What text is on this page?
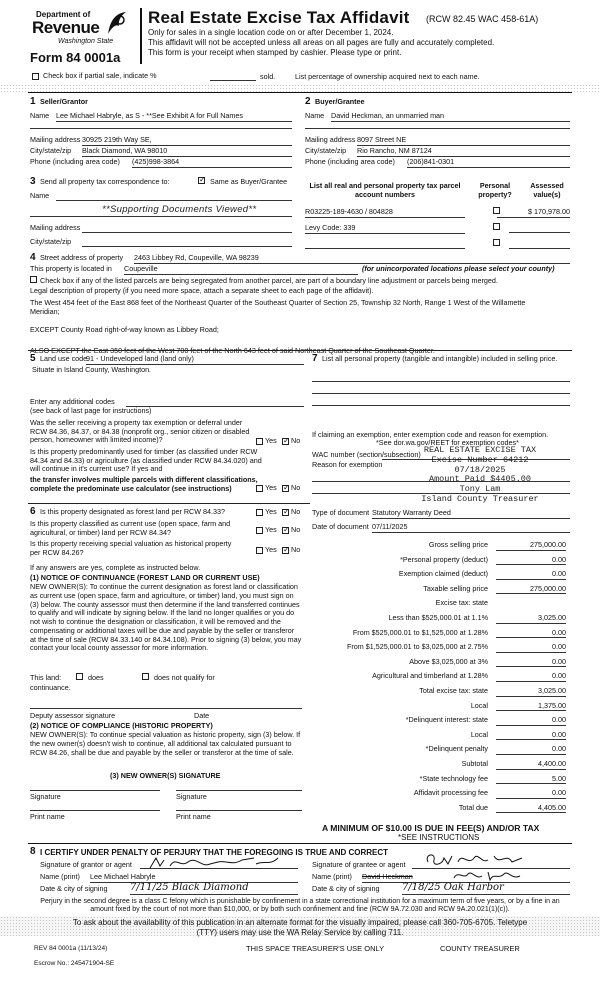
Department of
Revenue
Washington State
Form 84 0001a
Real Estate Excise Tax Affidavit (RCW 82.45 WAC 458-61A)
Only for sales in a single location code on or after December 1, 2024.
This affidavit will not be accepted unless all areas on all pages are fully and accurately completed.
This form is your receipt when stamped by cashier. Please type or print.
Check box if partial sale, indicate %	sold.	List percentage of ownership acquired next to each name.
1 Seller/Grantor
Name Lee Michael Habryle, as S - **See Exhibit A for Full Names
Mailing address 30925 219th Way SE,
City/state/zip Black Diamond, WA 98010
Phone (including area code) (425)998-3864
2 Buyer/Grantee
Name David Heckman, an unmarried man
Mailing address 8097 Street NE
City/state/zip Rio Rancho, NM 87124
Phone (including area code) (206)841-0301
3 Send all property tax correspondence to: ✓	Same as Buyer/Grantee
Name
**Supporting Documents Viewed**
Mailing address
City/state/zip
List all real and personal property tax parcel account numbers
Personal property?
Assessed value(s)
R03225-189-4630 / 804828	$ 170,978.00
Levy Code: 339
4 Street address of property 2463 Libbey Rd, Coupeville, WA 98239
This property is located in Coupeville	(for unincorporated locations please select your county)
Check box if any of the listed parcels are being segregated from another parcel, are part of a boundary line adjustment or parcels being merged.
Legal description of property (if you need more space, attach a separate sheet to each page of the affidavit).
The West 454 feet of the East 868 feet of the Northeast Quarter of the Southeast Quarter of Section 25, Township 32 North, Range 1 West of the Willamette Meridian;
EXCEPT County Road right-of-way known as Libbey Road;
ALSO EXCEPT the East 350 feet of the West 700 feet of the North 643 feet of said Northeast Quarter of the Southeast Quarter.
Situate in Island County, Washington.
5 Land use code
91 - Undeveloped land (land only)
Enter any additional codes
(see back of last page for instructions)
Was the seller receiving a property tax exemption or deferral under RCW 84.36, 84.37, or 84.38 (nonprofit org., senior citizen or disabled person, homeowner with limited income)?	Yes ✓	No
Is this property predominantly used for timber (as classified under RCW 84.34 and 84.33) or agriculture (as classified under RCW 84.34.020) and will continue in it's current use? If yes and
the transfer involves multiple parcels with different classifications, complete the predominate use calculator (see instructions)	Yes ✓	No
7 List all personal property (tangible and intangible) included in selling price.
If claiming an exemption, enter exemption code and reason for exemption.
*See dor.wa.gov/REET for exemption codes*
WAC number (section/subsection)
Reason for exemption
REAL ESTATE EXCISE TAX
Excise Number 64212
07/18/2025
Amount Paid $4405.00
Tony Lam
Island County Treasurer
6 Is this property designated as forest land per RCW 84.33?	Yes ✓	No
Is this property classified as current use (open space, farm and agricultural, or timber) land per RCW 84.34?	Yes ✓	No
Is this property receiving special valuation as historical property per RCW 84.26?	Yes ✓	No
If any answers are yes, complete as instructed below.
(1) NOTICE OF CONTINUANCE (FOREST LAND OR CURRENT USE)
NEW OWNER(S): To continue the current designation as forest land or classification as current use (open space, farm and agriculture, or timber) land, you must sign on (3) below. The county assessor must then determine if the land transferred continues to qualify and will indicate by signing below. If the land no longer qualifies or you do not wish to continue the designation or classification, it will be removed and the compensating or additional taxes will be due and payable by the seller or transferor at the time of sale (RCW 84.33.140 or 84.34.108). Prior to signing (3) below, you may contact your local county assessor for more information.
This land:	does	does not qualify for
continuance.
Deputy assessor signature	Date
(2) NOTICE OF COMPLIANCE (HISTORIC PROPERTY)
NEW OWNER(S): To continue special valuation as historic property, sign (3) below. If the new owner(s) doesn't wish to continue, all additional tax calculated pursuant to RCW 84.26, shall be due and payable by the seller or transferor at the time of sale.
(3) NEW OWNER(S) SIGNATURE
Signature	Signature
Print name	Print name
Type of document Statutory Warranty Deed
Date of document 07/11/2025
Gross selling price	275,000.00
*Personal property (deduct)	0.00
Exemption claimed (deduct)	0.00
Taxable selling price	275,000.00
Excise tax: state
Less than $525,000.01 at 1.1%	3,025.00
From $525,000.01 to $1,525,000 at 1.28%	0.00
From $1,525,000.01 to $3,025,000 at 2.75%	0.00
Above $3,025,000 at 3%	0.00
Agricultural and timberland at 1.28%	0.00
Total excise tax: state	3,025.00
Local	1,375.00
*Delinquent interest: state	0.00
Local	0.00
*Delinquent penalty	0.00
Subtotal	4,400.00
*State technology fee	5.00
Affidavit processing fee	0.00
Total due	4,405.00
A MINIMUM OF $10.00 IS DUE IN FEE(S) AND/OR TAX
*SEE INSTRUCTIONS
8 I CERTIFY UNDER PENALTY OF PERJURY THAT THE FOREGOING IS TRUE AND CORRECT
Signature of grantor or agent
Name (print) Lee Michael Habryle
Date & city of signing 7/11/25 Black Diamond
Signature of grantee or agent
Name (print) David Heckman
Date & city of signing 7/18/25 Oak Harbor
Perjury in the second degree is a class C felony which is punishable by confinement in a state correctional institution for a maximum term of five years, or by a fine in an amount fixed by the court of not more than $10,000, or by both such confinement and fine (RCW 9A.72.030 and RCW 9A.20.021(1)(c)).
To ask about the availability of this publication in an alternate format for the visually impaired, please call 360-705-6705. Teletype
(TTY) users may use the WA Relay Service by calling 711.
REV 84 0001a (11/13/24)	THIS SPACE TREASURER'S USE ONLY	COUNTY TREASURER
Escrow No.: 245471904-SE
